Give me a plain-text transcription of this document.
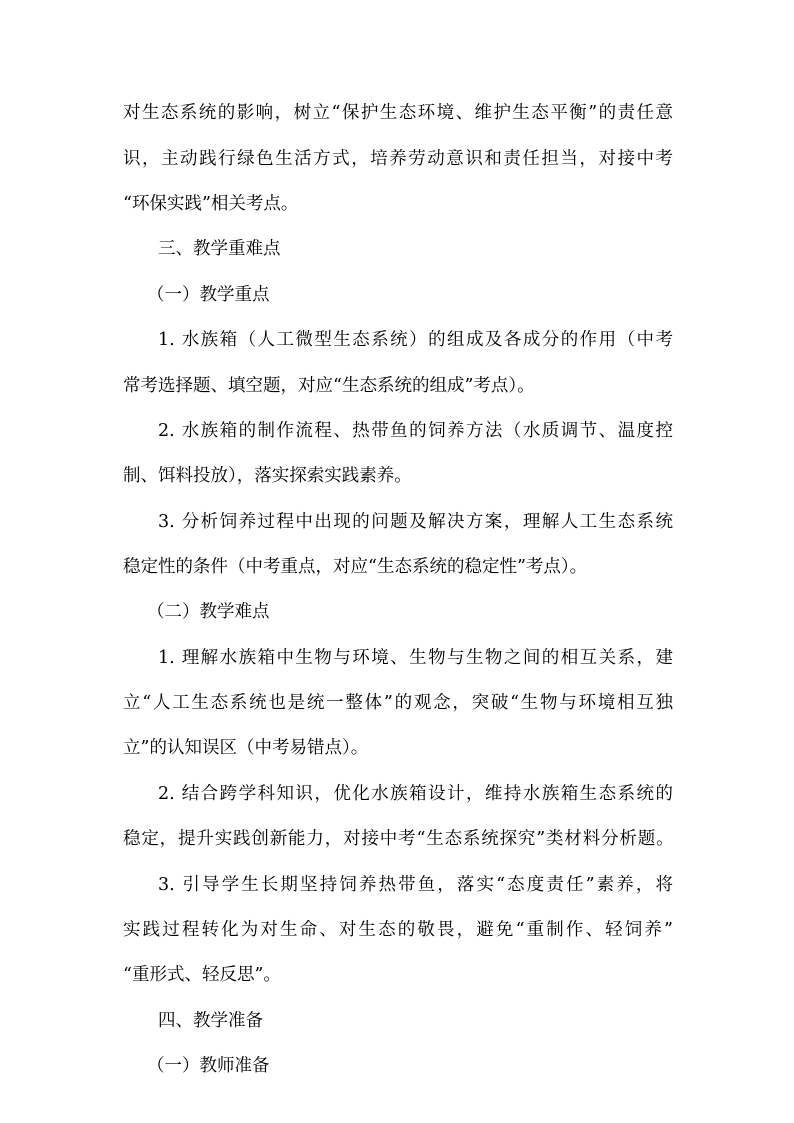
对生态系统的影响，树立“保护生态环境、维护生态平衡”的责任意
识，主动践行绿色生活方式，培养劳动意识和责任担当，对接中考
“环保实践”相关考点。
三、教学重难点
（一）教学重点
1. 水族箱（人工微型生态系统）的组成及各成分的作用（中考
常考选择题、填空题，对应“生态系统的组成”考点）。
2. 水族箱的制作流程、热带鱼的饲养方法（水质调节、温度控
制、饵料投放），落实探索实践素养。
3. 分析饲养过程中出现的问题及解决方案，理解人工生态系统
稳定性的条件（中考重点，对应“生态系统的稳定性”考点）。
（二）教学难点
1. 理解水族箱中生物与环境、生物与生物之间的相互关系，建
立“人工生态系统也是统一整体”的观念，突破“生物与环境相互独
立”的认知误区（中考易错点）。
2. 结合跨学科知识，优化水族箱设计，维持水族箱生态系统的
稳定，提升实践创新能力，对接中考“生态系统探究”类材料分析题。
3. 引导学生长期坚持饲养热带鱼，落实“态度责任”素养，将
实践过程转化为对生命、对生态的敬畏，避免“重制作、轻饲养”
“重形式、轻反思”。
四、教学准备
（一）教师准备
